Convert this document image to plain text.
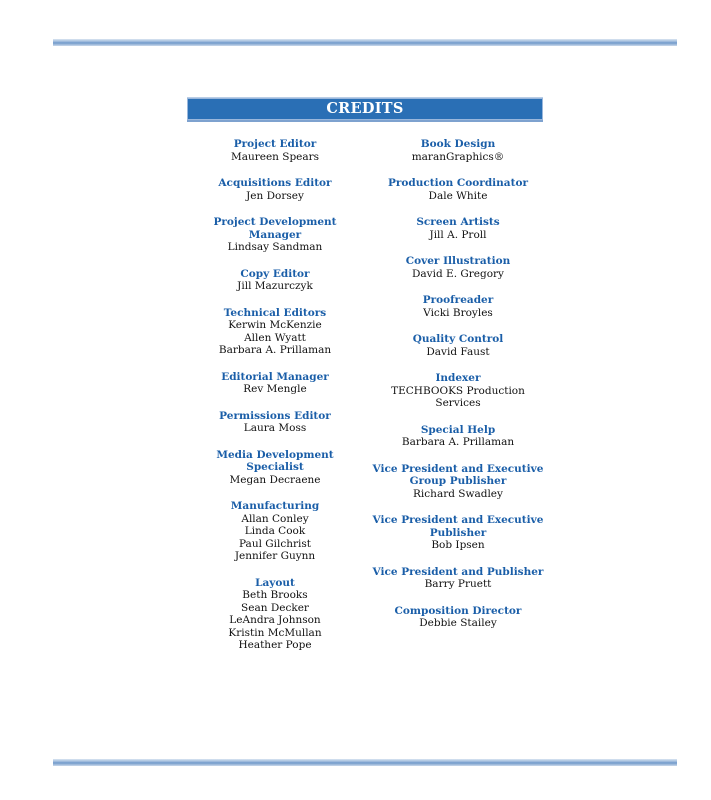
CREDITS
Project Editor
Maureen Spears
Acquisitions Editor
Jen Dorsey
Project Development Manager
Lindsay Sandman
Copy Editor
Jill Mazurczyk
Technical Editors
Kerwin McKenzie
Allen Wyatt
Barbara A. Prillaman
Editorial Manager
Rev Mengle
Permissions Editor
Laura Moss
Media Development Specialist
Megan Decraene
Manufacturing
Allan Conley
Linda Cook
Paul Gilchrist
Jennifer Guynn
Layout
Beth Brooks
Sean Decker
LeAndra Johnson
Kristin McMullan
Heather Pope
Book Design
maranGraphics®
Production Coordinator
Dale White
Screen Artists
Jill A. Proll
Cover Illustration
David E. Gregory
Proofreader
Vicki Broyles
Quality Control
David Faust
Indexer
TECHBOOKS Production Services
Special Help
Barbara A. Prillaman
Vice President and Executive Group Publisher
Richard Swadley
Vice President and Executive Publisher
Bob Ipsen
Vice President and Publisher
Barry Pruett
Composition Director
Debbie Stailey
